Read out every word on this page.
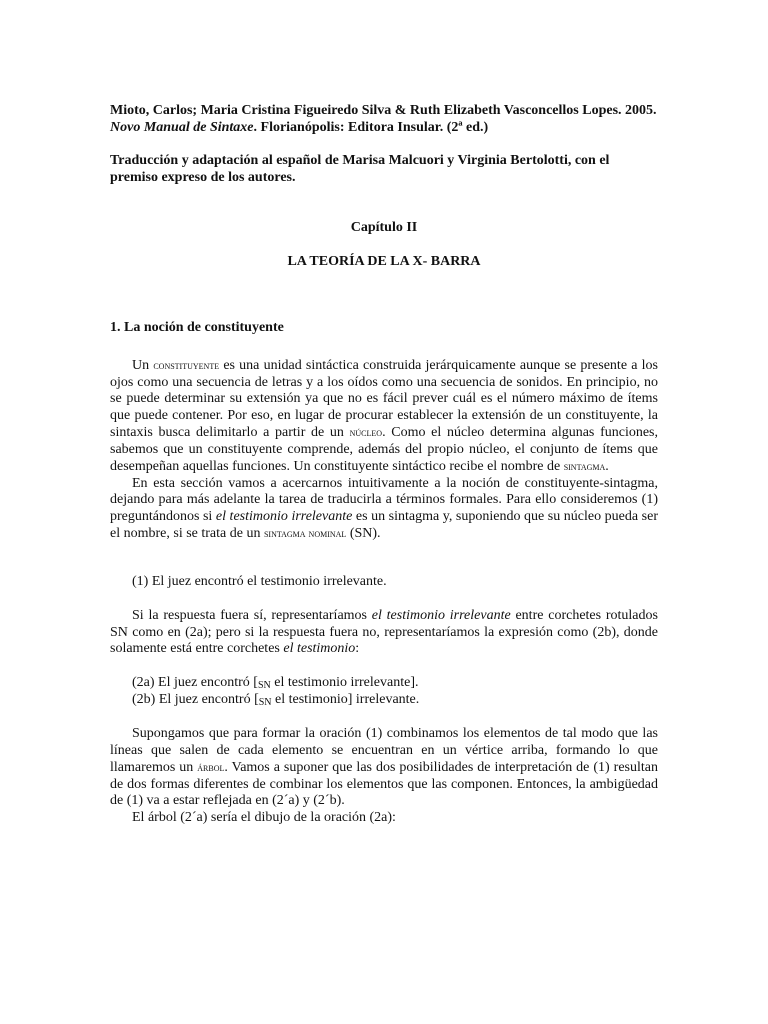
Mioto, Carlos; Maria Cristina Figueiredo Silva & Ruth Elizabeth Vasconcellos Lopes. 2005. Novo Manual de Sintaxe. Florianópolis: Editora Insular. (2ª ed.)
Traducción y adaptación al español de Marisa Malcuori y Virginia Bertolotti, con el premiso expreso de los autores.
Capítulo II
LA TEORÍA DE LA X- BARRA
1. La noción de constituyente

Un constituyente es una unidad sintáctica construida jerárquicamente aunque se presente a los ojos como una secuencia de letras y a los oídos como una secuencia de sonidos. En principio, no se puede determinar su extensión ya que no es fácil prever cuál es el número máximo de ítems que puede contener. Por eso, en lugar de procurar establecer la extensión de un constituyente, la sintaxis busca delimitarlo a partir de un núcleo. Como el núcleo determina algunas funciones, sabemos que un constituyente comprende, además del propio núcleo, el conjunto de ítems que desempeñan aquellas funciones. Un constituyente sintáctico recibe el nombre de sintagma.

En esta sección vamos a acercarnos intuitivamente a la noción de constituyente-sintagma, dejando para más adelante la tarea de traducirla a términos formales. Para ello consideremos (1) preguntándonos si el testimonio irrelevante es un sintagma y, suponiendo que su núcleo pueda ser el nombre, si se trata de un sintagma nominal (SN).

(1) El juez encontró el testimonio irrelevante.
Si la respuesta fuera sí, representaríamos el testimonio irrelevante entre corchetes rotulados SN como en (2a); pero si la respuesta fuera no, representaríamos la expresión como (2b), donde solamente está entre corchetes el testimonio:
(2a) El juez encontró [$_{SN}$ el testimonio irrelevante].
(2b) El juez encontró [$_{SN}$ el testimonio] irrelevante.

Supongamos que para formar la oración (1) combinamos los elementos de tal modo que las líneas que salen de cada elemento se encuentran en un vértice arriba, formando lo que llamaremos un árbol. Vamos a suponer que las dos posibilidades de interpretación de (1) resultan de dos formas diferentes de combinar los elementos que las componen. Entonces, la ambigüedad de (1) va a estar reflejada en (2´a) y (2´b).

El árbol (2´a) sería el dibujo de la oración (2a):
